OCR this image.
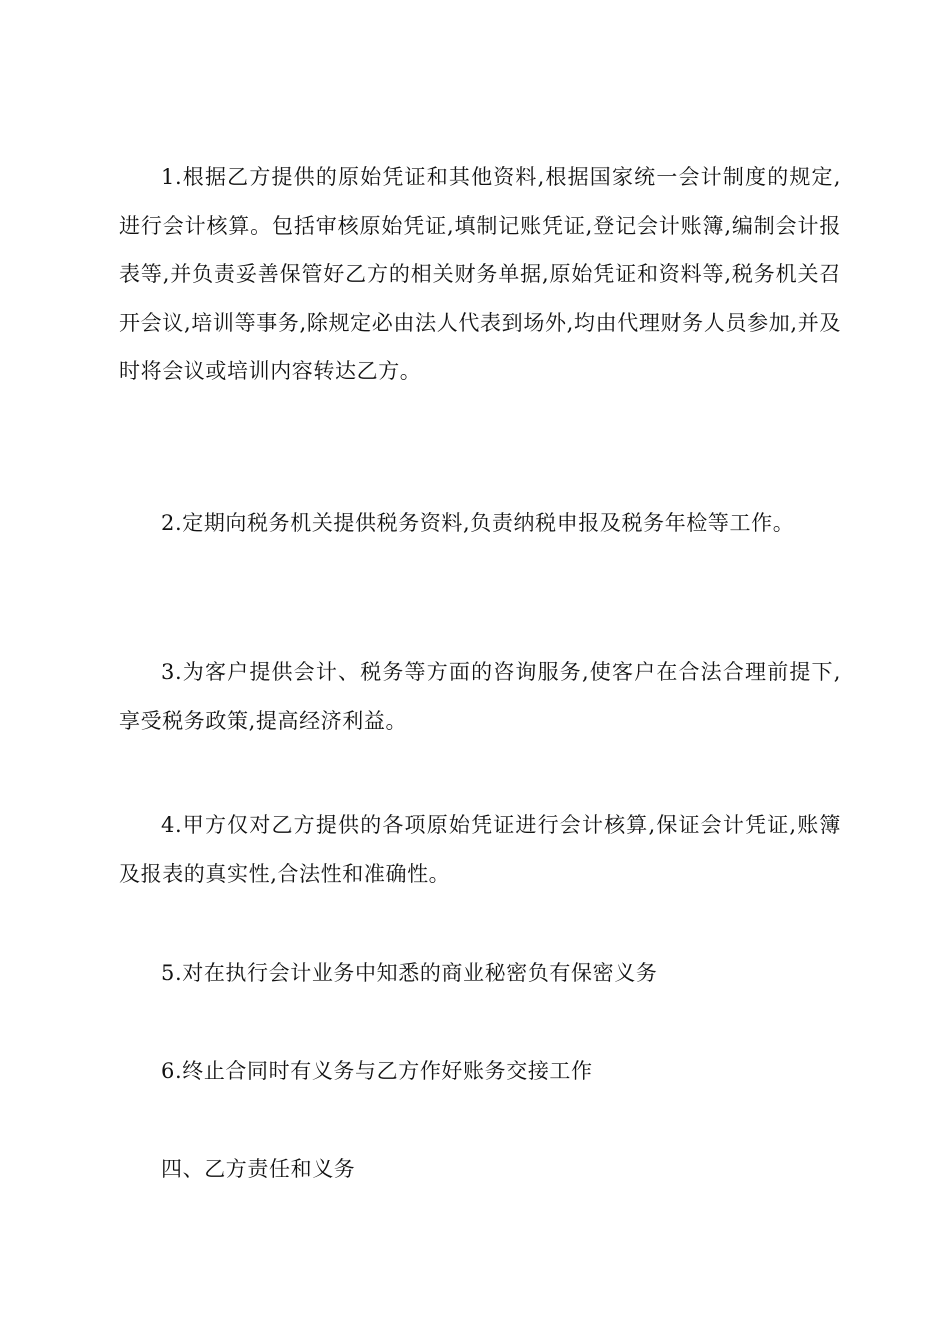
1.根据乙方提供的原始凭证和其他资料,根据国家统一会计制度的规定,进行会计核算。包括审核原始凭证,填制记账凭证,登记会计账簿,编制会计报表等,并负责妥善保管好乙方的相关财务单据,原始凭证和资料等,税务机关召开会议,培训等事务,除规定必由法人代表到场外,均由代理财务人员参加,并及时将会议或培训内容转达乙方。

2.定期向税务机关提供税务资料,负责纳税申报及税务年检等工作。

3.为客户提供会计、税务等方面的咨询服务,使客户在合法合理前提下,享受税务政策,提高经济利益。

4.甲方仅对乙方提供的各项原始凭证进行会计核算,保证会计凭证,账簿及报表的真实性,合法性和准确性。

5.对在执行会计业务中知悉的商业秘密负有保密义务

6.终止合同时有义务与乙方作好账务交接工作

四、乙方责任和义务
